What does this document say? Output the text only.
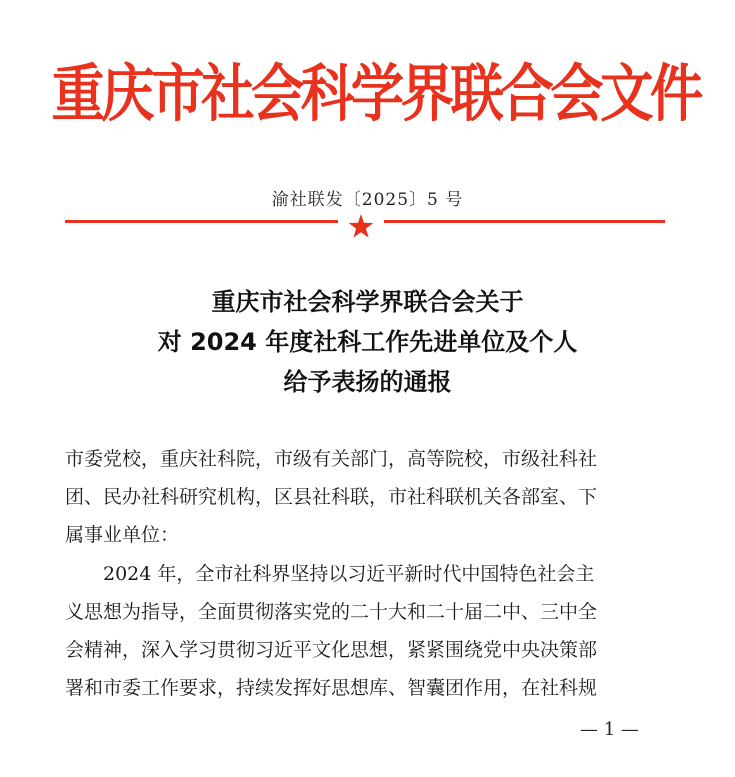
重庆市社会科学界联合会文件
渝社联发〔2025〕5 号
重庆市社会科学界联合会关于
对 2024 年度社科工作先进单位及个人
给予表扬的通报
市委党校，重庆社科院，市级有关部门，高等院校，市级社科社
团、民办社科研究机构，区县社科联，市社科联机关各部室、下
属事业单位：
2024 年，全市社科界坚持以习近平新时代中国特色社会主
义思想为指导，全面贯彻落实党的二十大和二十届二中、三中全
会精神，深入学习贯彻习近平文化思想，紧紧围绕党中央决策部
署和市委工作要求，持续发挥好思想库、智囊团作用，在社科规
— 1 —
